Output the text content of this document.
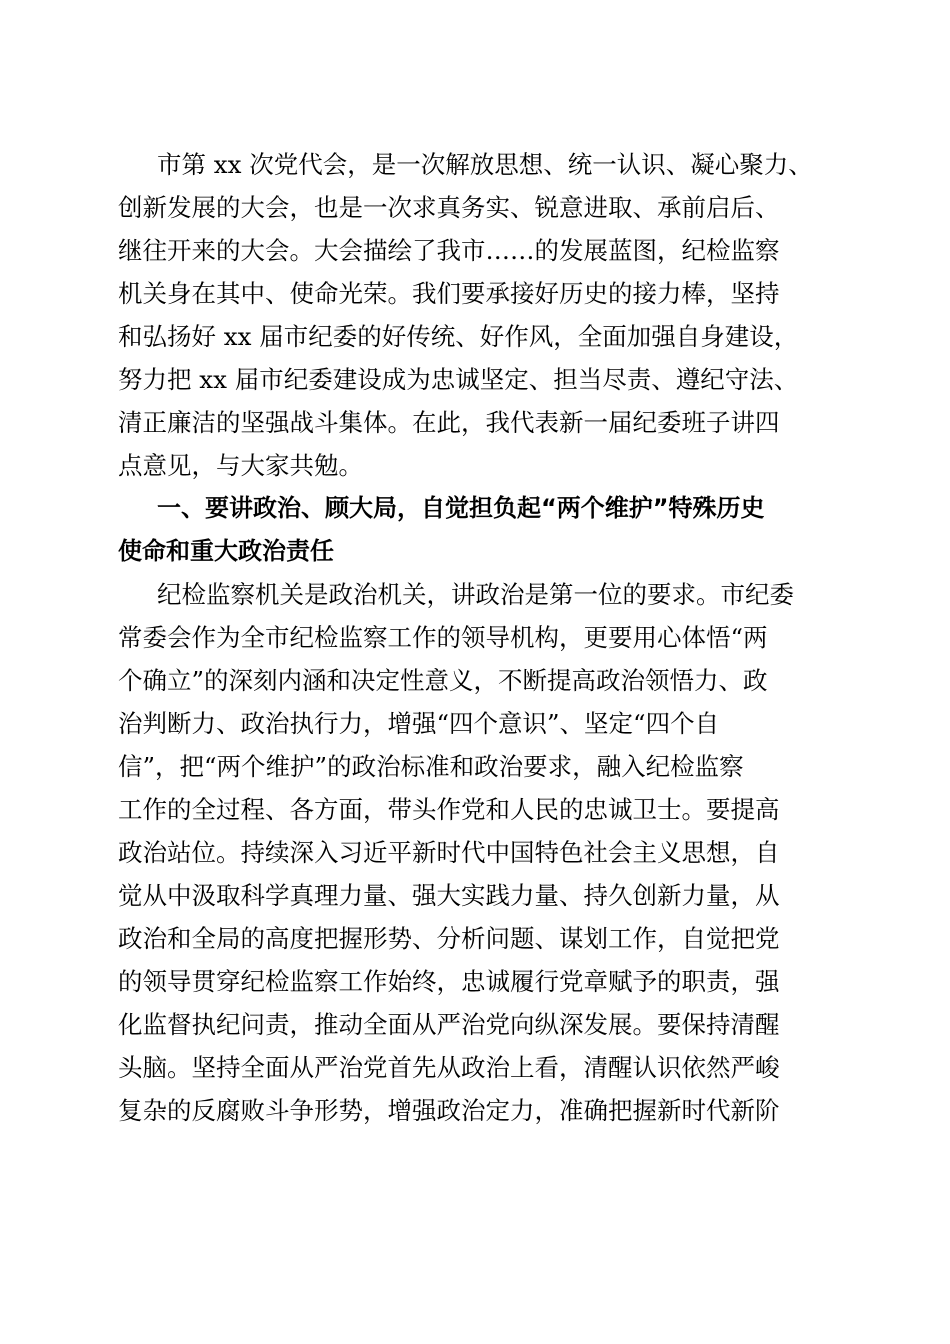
市第 xx 次党代会，是一次解放思想、统一认识、凝心聚力、
创新发展的大会，也是一次求真务实、锐意进取、承前启后、
继往开来的大会。大会描绘了我市……的发展蓝图，纪检监察
机关身在其中、使命光荣。我们要承接好历史的接力棒，坚持
和弘扬好 xx 届市纪委的好传统、好作风，全面加强自身建设，
努力把 xx 届市纪委建设成为忠诚坚定、担当尽责、遵纪守法、
清正廉洁的坚强战斗集体。在此，我代表新一届纪委班子讲四
点意见，与大家共勉。
一、要讲政治、顾大局，自觉担负起“两个维护”特殊历史
使命和重大政治责任
纪检监察机关是政治机关，讲政治是第一位的要求。市纪委
常委会作为全市纪检监察工作的领导机构，更要用心体悟“两
个确立”的深刻内涵和决定性意义，不断提高政治领悟力、政
治判断力、政治执行力，增强“四个意识”、坚定“四个自
信”，把“两个维护”的政治标准和政治要求，融入纪检监察
工作的全过程、各方面，带头作党和人民的忠诚卫士。要提高
政治站位。持续深入习近平新时代中国特色社会主义思想，自
觉从中汲取科学真理力量、强大实践力量、持久创新力量，从
政治和全局的高度把握形势、分析问题、谋划工作，自觉把党
的领导贯穿纪检监察工作始终，忠诚履行党章赋予的职责，强
化监督执纪问责，推动全面从严治党向纵深发展。要保持清醒
头脑。坚持全面从严治党首先从政治上看，清醒认识依然严峻
复杂的反腐败斗争形势，增强政治定力，准确把握新时代新阶
